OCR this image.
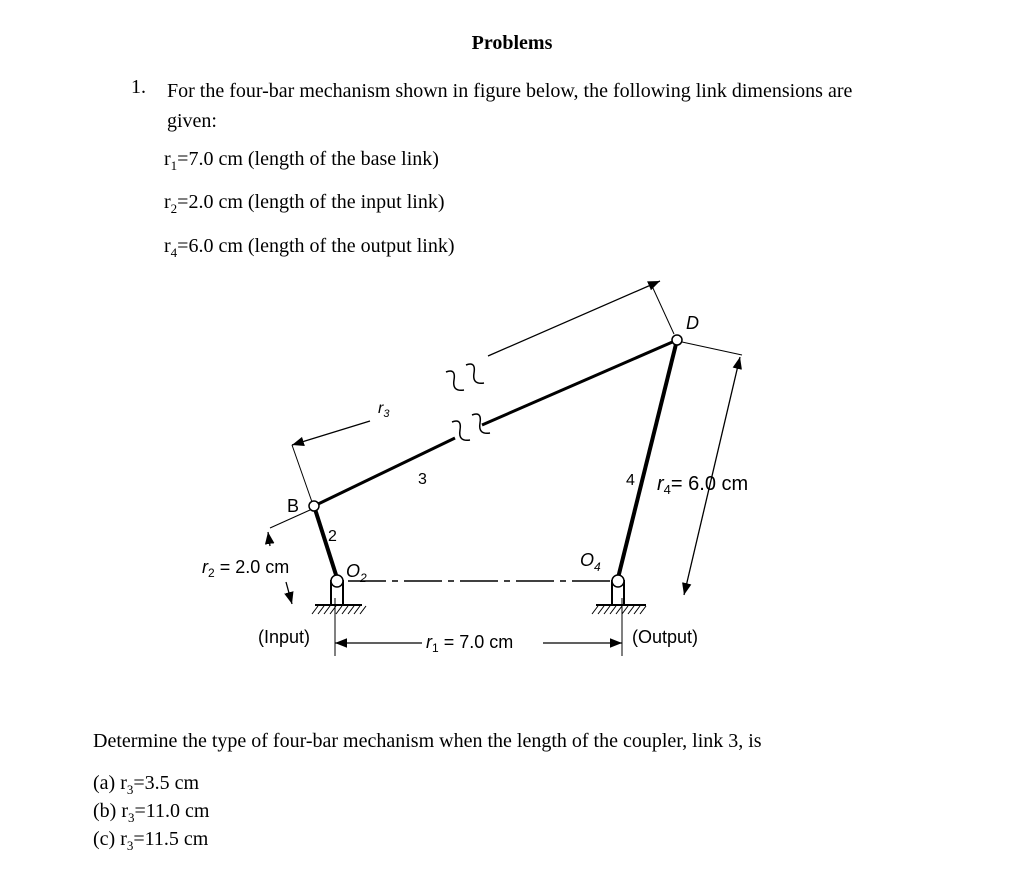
Problems
1. For the four-bar mechanism shown in figure below, the following link dimensions are
given:
$r_1=7.0$ cm (length of the base link)
$r_2=2.0$ cm (length of the input link)
$r_4=6.0$ cm (length of the output link)
Determine the type of four-bar mechanism when the length of the coupler, link 3, is
(a) $r_3=3.5$ cm
(b) $r_3=11.0$ cm
(c) $r_3=11.5$ cm
D
B
$O_2$
$O_4$
2
3	4
$r_3$
$r_2 = 2.0$ cm
$r_1 = 7.0$ cm
$r_4= 6.0$ cm
(Input)	(Output)
